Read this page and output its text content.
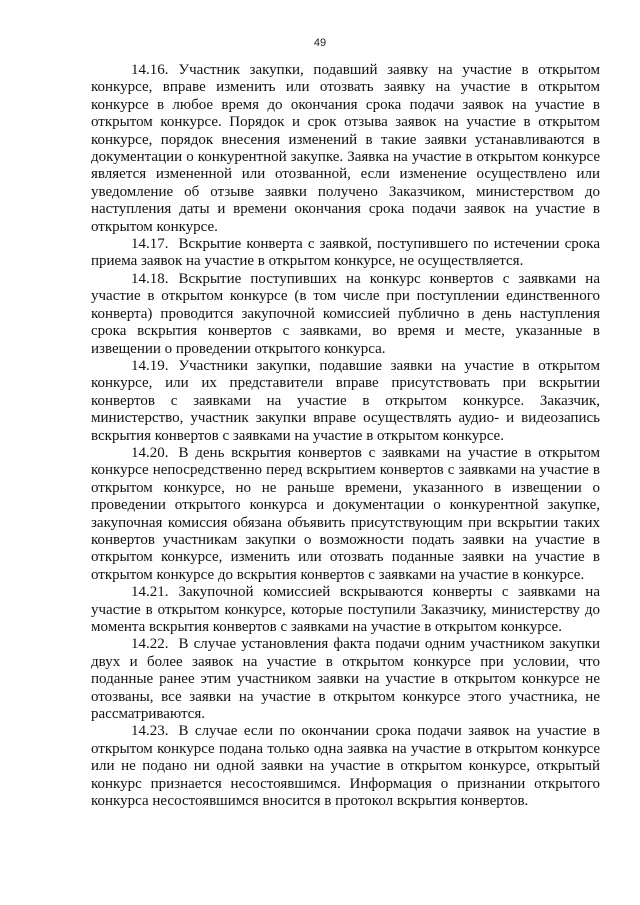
49

14.16. Участник закупки, подавший заявку на участие в открытом конкурсе, вправе изменить или отозвать заявку на участие в открытом конкурсе в любое время до окончания срока подачи заявок на участие в открытом конкурсе. Порядок и срок отзыва заявок на участие в открытом конкурсе, порядок внесения изменений в такие заявки устанавливаются в документации о конкурентной закупке. Заявка на участие в открытом конкурсе является измененной или отозванной, если изменение осуществлено или уведомление об отзыве заявки получено Заказчиком, министерством до наступления даты и времени окончания срока подачи заявок на участие в открытом конкурсе.

14.17. Вскрытие конверта с заявкой, поступившего по истечении срока приема заявок на участие в открытом конкурсе, не осуществляется.

14.18. Вскрытие поступивших на конкурс конвертов с заявками на участие в открытом конкурсе (в том числе при поступлении единственного конверта) проводится закупочной комиссией публично в день наступления срока вскрытия конвертов с заявками, во время и месте, указанные в извещении о проведении открытого конкурса.

14.19. Участники закупки, подавшие заявки на участие в открытом конкурсе, или их представители вправе присутствовать при вскрытии конвертов с заявками на участие в открытом конкурсе. Заказчик, министерство, участник закупки вправе осуществлять аудио- и видеозапись вскрытия конвертов с заявками на участие в открытом конкурсе.

14.20. В день вскрытия конвертов с заявками на участие в открытом конкурсе непосредственно перед вскрытием конвертов с заявками на участие в открытом конкурсе, но не раньше времени, указанного в извещении о проведении открытого конкурса и документации о конкурентной закупке, закупочная комиссия обязана объявить присутствующим при вскрытии таких конвертов участникам закупки о возможности подать заявки на участие в открытом конкурсе, изменить или отозвать поданные заявки на участие в открытом конкурсе до вскрытия конвертов с заявками на участие в конкурсе.

14.21. Закупочной комиссией вскрываются конверты с заявками на участие в открытом конкурсе, которые поступили Заказчику, министерству до момента вскрытия конвертов с заявками на участие в открытом конкурсе.

14.22. В случае установления факта подачи одним участником закупки двух и более заявок на участие в открытом конкурсе при условии, что поданные ранее этим участником заявки на участие в открытом конкурсе не отозваны, все заявки на участие в открытом конкурсе этого участника, не рассматриваются.

14.23. В случае если по окончании срока подачи заявок на участие в открытом конкурсе подана только одна заявка на участие в открытом конкурсе или не подано ни одной заявки на участие в открытом конкурсе, открытый конкурс признается несостоявшимся. Информация о признании открытого конкурса несостоявшимся вносится в протокол вскрытия конвертов.
